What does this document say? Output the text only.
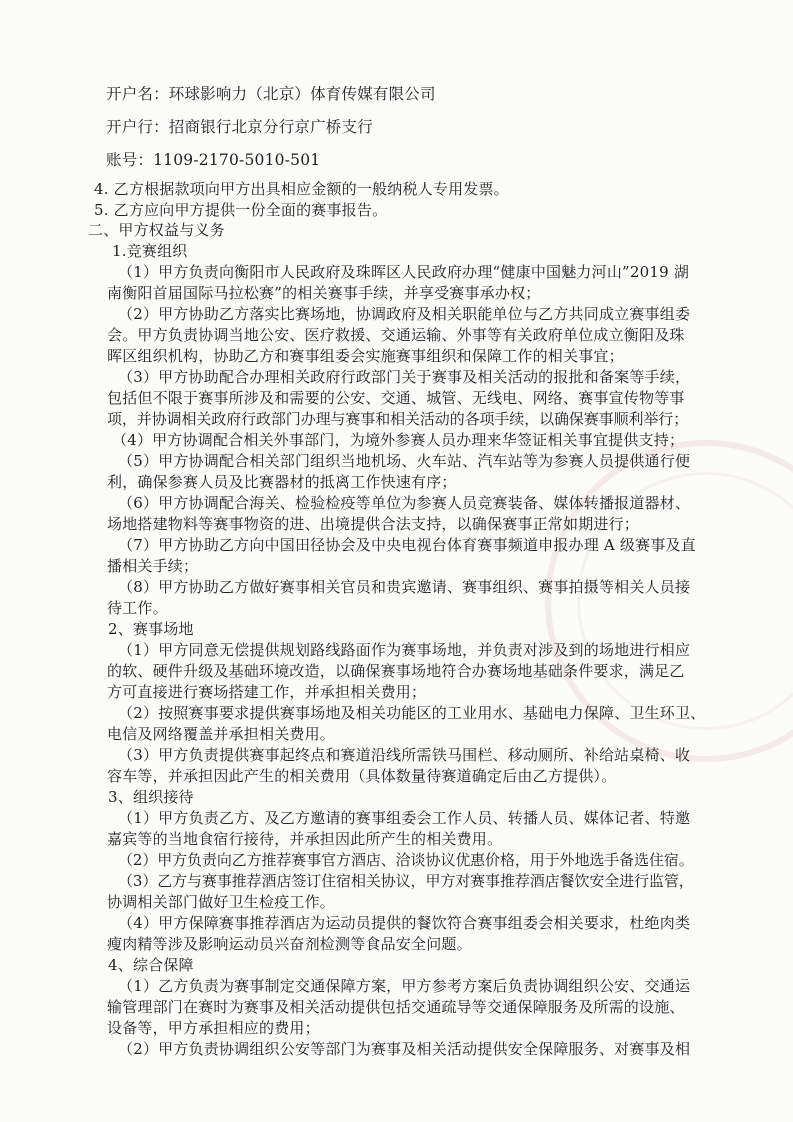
开户名：环球影响力（北京）体育传媒有限公司
开户行：招商银行北京分行京广桥支行
账号：1109-2170-5010-501
4. 乙方根据款项向甲方出具相应金额的一般纳税人专用发票。
5. 乙方应向甲方提供一份全面的赛事报告。
二、甲方权益与义务
1.竞赛组织
（1）甲方负责向衡阳市人民政府及珠晖区人民政府办理“健康中国魅力河山”2019 湖
南衡阳首届国际马拉松赛”的相关赛事手续，并享受赛事承办权；
（2）甲方协助乙方落实比赛场地，协调政府及相关职能单位与乙方共同成立赛事组委
会。甲方负责协调当地公安、医疗救援、交通运输、外事等有关政府单位成立衡阳及珠
晖区组织机构，协助乙方和赛事组委会实施赛事组织和保障工作的相关事宜；
（3）甲方协助配合办理相关政府行政部门关于赛事及相关活动的报批和备案等手续，
包括但不限于赛事所涉及和需要的公安、交通、城管、无线电、网络、赛事宣传物等事
项，并协调相关政府行政部门办理与赛事和相关活动的各项手续，以确保赛事顺利举行；
（4）甲方协调配合相关外事部门，为境外参赛人员办理来华签证相关事宜提供支持；
（5）甲方协调配合相关部门组织当地机场、火车站、汽车站等为参赛人员提供通行便
利，确保参赛人员及比赛器材的抵离工作快速有序；
（6）甲方协调配合海关、检验检疫等单位为参赛人员竞赛装备、媒体转播报道器材、
场地搭建物料等赛事物资的进、出境提供合法支持，以确保赛事正常如期进行；
（7）甲方协助乙方向中国田径协会及中央电视台体育赛事频道申报办理 A 级赛事及直
播相关手续；
（8）甲方协助乙方做好赛事相关官员和贵宾邀请、赛事组织、赛事拍摄等相关人员接
待工作。
2、赛事场地
（1）甲方同意无偿提供规划路线路面作为赛事场地，并负责对涉及到的场地进行相应
的软、硬件升级及基础环境改造，以确保赛事场地符合办赛场地基础条件要求，满足乙
方可直接进行赛场搭建工作，并承担相关费用；
（2）按照赛事要求提供赛事场地及相关功能区的工业用水、基础电力保障、卫生环卫、
电信及网络覆盖并承担相关费用。
（3）甲方负责提供赛事起终点和赛道沿线所需铁马围栏、移动厕所、补给站桌椅、收
容车等，并承担因此产生的相关费用（具体数量待赛道确定后由乙方提供）。
3、组织接待
（1）甲方负责乙方、及乙方邀请的赛事组委会工作人员、转播人员、媒体记者、特邀
嘉宾等的当地食宿行接待，并承担因此所产生的相关费用。
（2）甲方负责向乙方推荐赛事官方酒店、洽谈协议优惠价格，用于外地选手备选住宿。
（3）乙方与赛事推荐酒店签订住宿相关协议，甲方对赛事推荐酒店餐饮安全进行监管，
协调相关部门做好卫生检疫工作。
（4）甲方保障赛事推荐酒店为运动员提供的餐饮符合赛事组委会相关要求，杜绝肉类
瘦肉精等涉及影响运动员兴奋剂检测等食品安全问题。
4、综合保障
（1）乙方负责为赛事制定交通保障方案，甲方参考方案后负责协调组织公安、交通运
输管理部门在赛时为赛事及相关活动提供包括交通疏导等交通保障服务及所需的设施、
设备等，甲方承担相应的费用；
（2）甲方负责协调组织公安等部门为赛事及相关活动提供安全保障服务、对赛事及相
